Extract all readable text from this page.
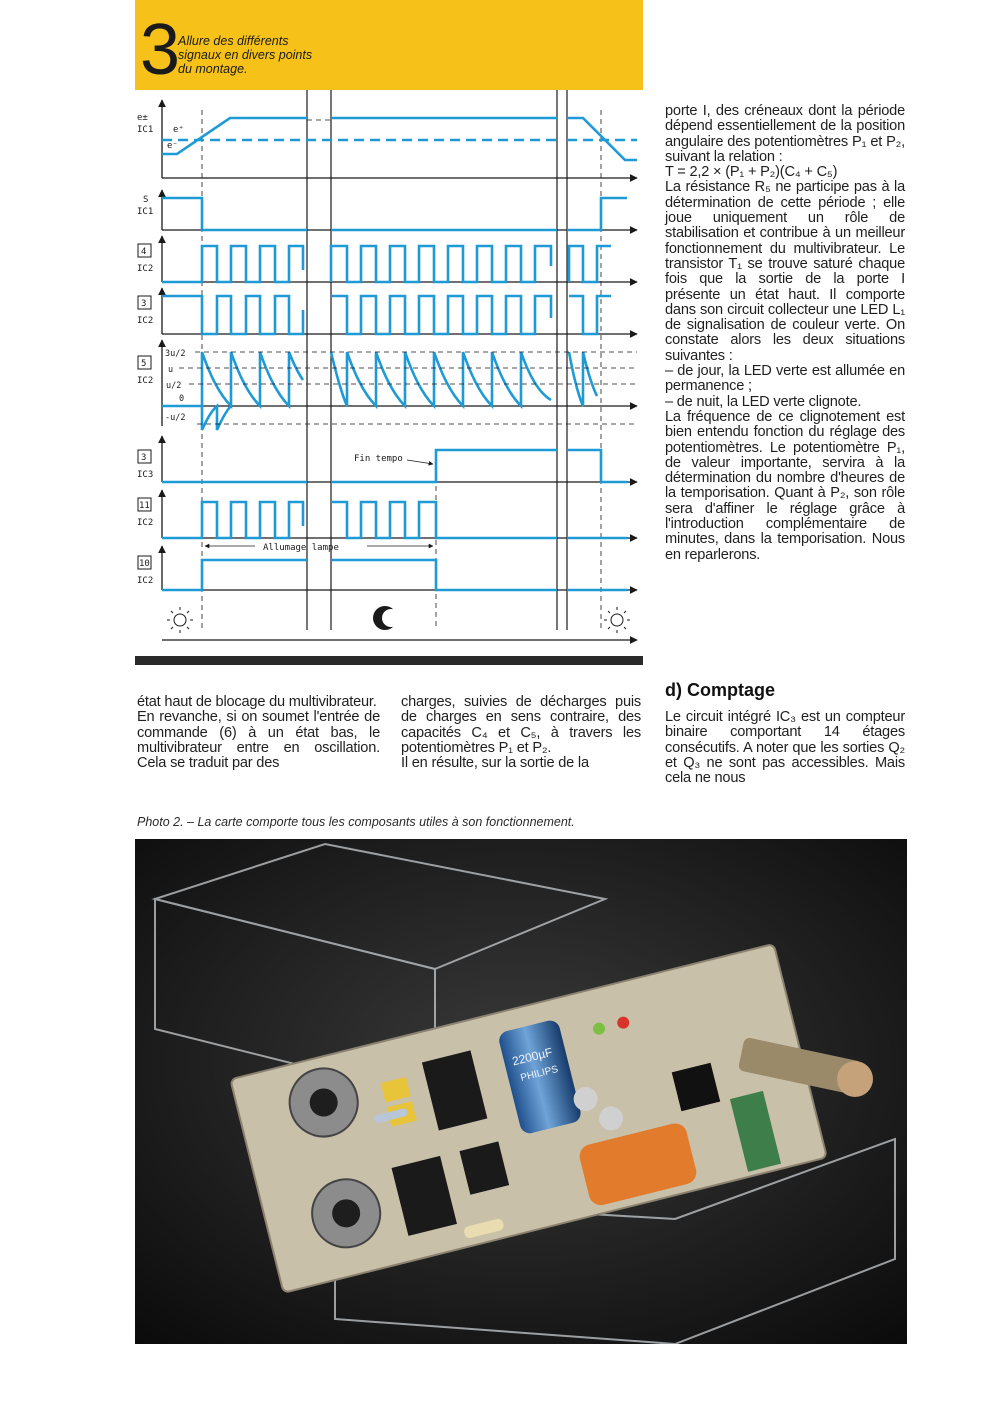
3
Allure des différents
signaux en divers points
du montage.
e± IC1
S IC1
4
IC2
3
IC2
5
IC2
3
IC3
11
IC2
10
IC2
3u/2
u
u/2
0
-u/2
e⁺
e⁻
Fin tempo
Allumage lampe

porte I, des créneaux dont la période dépend essentiellement de la position angulaire des potentiomètres P₁ et P₂, suivant la relation :

T = 2,2 × (P₁ + P₂)(C₄ + C₅)

La résistance R₅ ne participe pas à la détermination de cette période ; elle joue uniquement un rôle de stabilisation et contribue à un meilleur fonctionnement du multivibrateur. Le transistor T₁ se trouve saturé chaque fois que la sortie de la porte I présente un état haut. Il comporte dans son circuit collecteur une LED L₁ de signalisation de couleur verte. On constate alors les deux situations suivantes :

– de jour, la LED verte est allumée en permanence ;

– de nuit, la LED verte clignote.

La fréquence de ce clignotement est bien entendu fonction du réglage des potentiomètres. Le potentiomètre P₁, de valeur importante, servira à la détermination du nombre d'heures de la temporisation. Quant à P₂, son rôle sera d'affiner le réglage grâce à l'introduction complémentaire de minutes, dans la temporisation. Nous en reparlerons.

état haut de blocage du multivibrateur.

En revanche, si on soumet l'entrée de commande (6) à un état bas, le multivibrateur entre en oscillation. Cela se traduit par des

charges, suivies de décharges puis de charges en sens contraire, des capacités C₄ et C₅, à travers les potentiomètres P₁ et P₂.

Il en résulte, sur la sortie de la

d) Comptage

Le circuit intégré IC₃ est un compteur binaire comportant 14 étages consécutifs. A noter que les sorties Q₂ et Q₃ ne sont pas accessibles. Mais cela ne nous

Photo 2. – La carte comporte tous les composants utiles à son fonctionnement.
2200µF
PHILIPS
